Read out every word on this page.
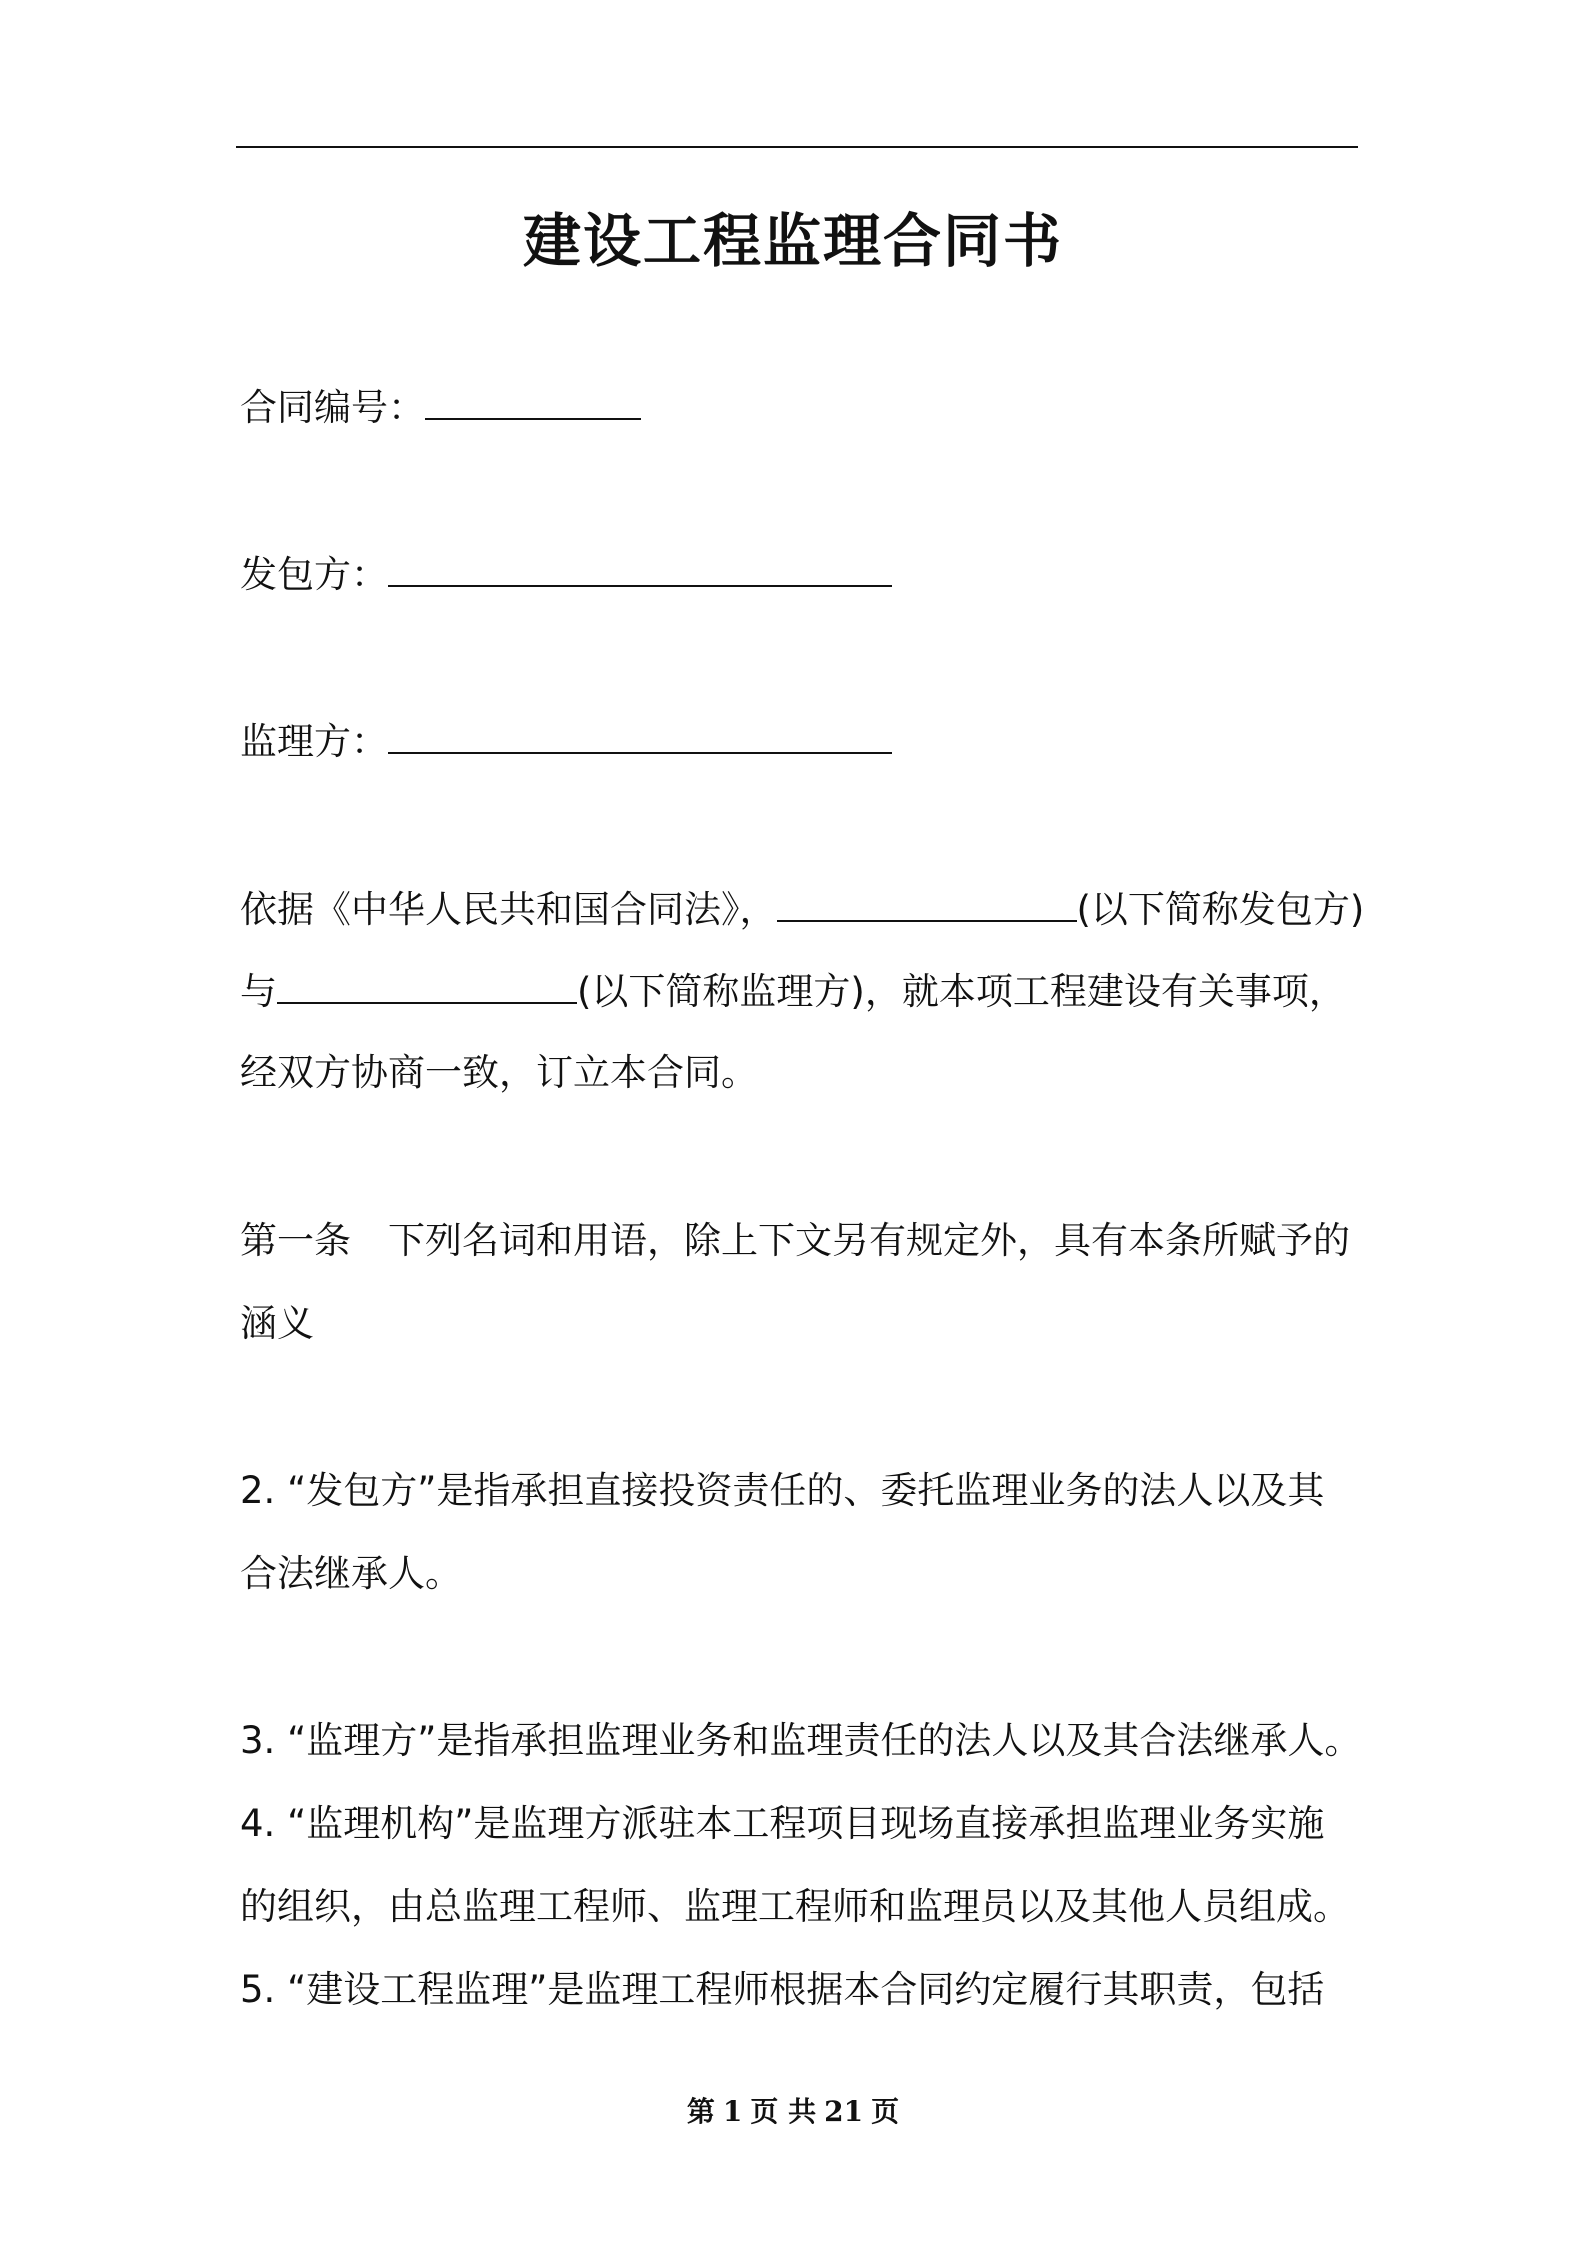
建设工程监理合同书
合同编号：
发包方：
监理方：
依据《中华人民共和国合同法》，	(以下简称发包方)
与	(以下简称监理方)，就本项工程建设有关事项，
经双方协商一致，订立本合同。
第一条　下列名词和用语，除上下文另有规定外，具有本条所赋予的
涵义
2. “发包方”是指承担直接投资责任的、委托监理业务的法人以及其
合法继承人。
3. “监理方”是指承担监理业务和监理责任的法人以及其合法继承人。
4. “监理机构”是监理方派驻本工程项目现场直接承担监理业务实施
的组织，由总监理工程师、监理工程师和监理员以及其他人员组成。
5. “建设工程监理”是监理工程师根据本合同约定履行其职责，包括
第 1 页 共 21 页
